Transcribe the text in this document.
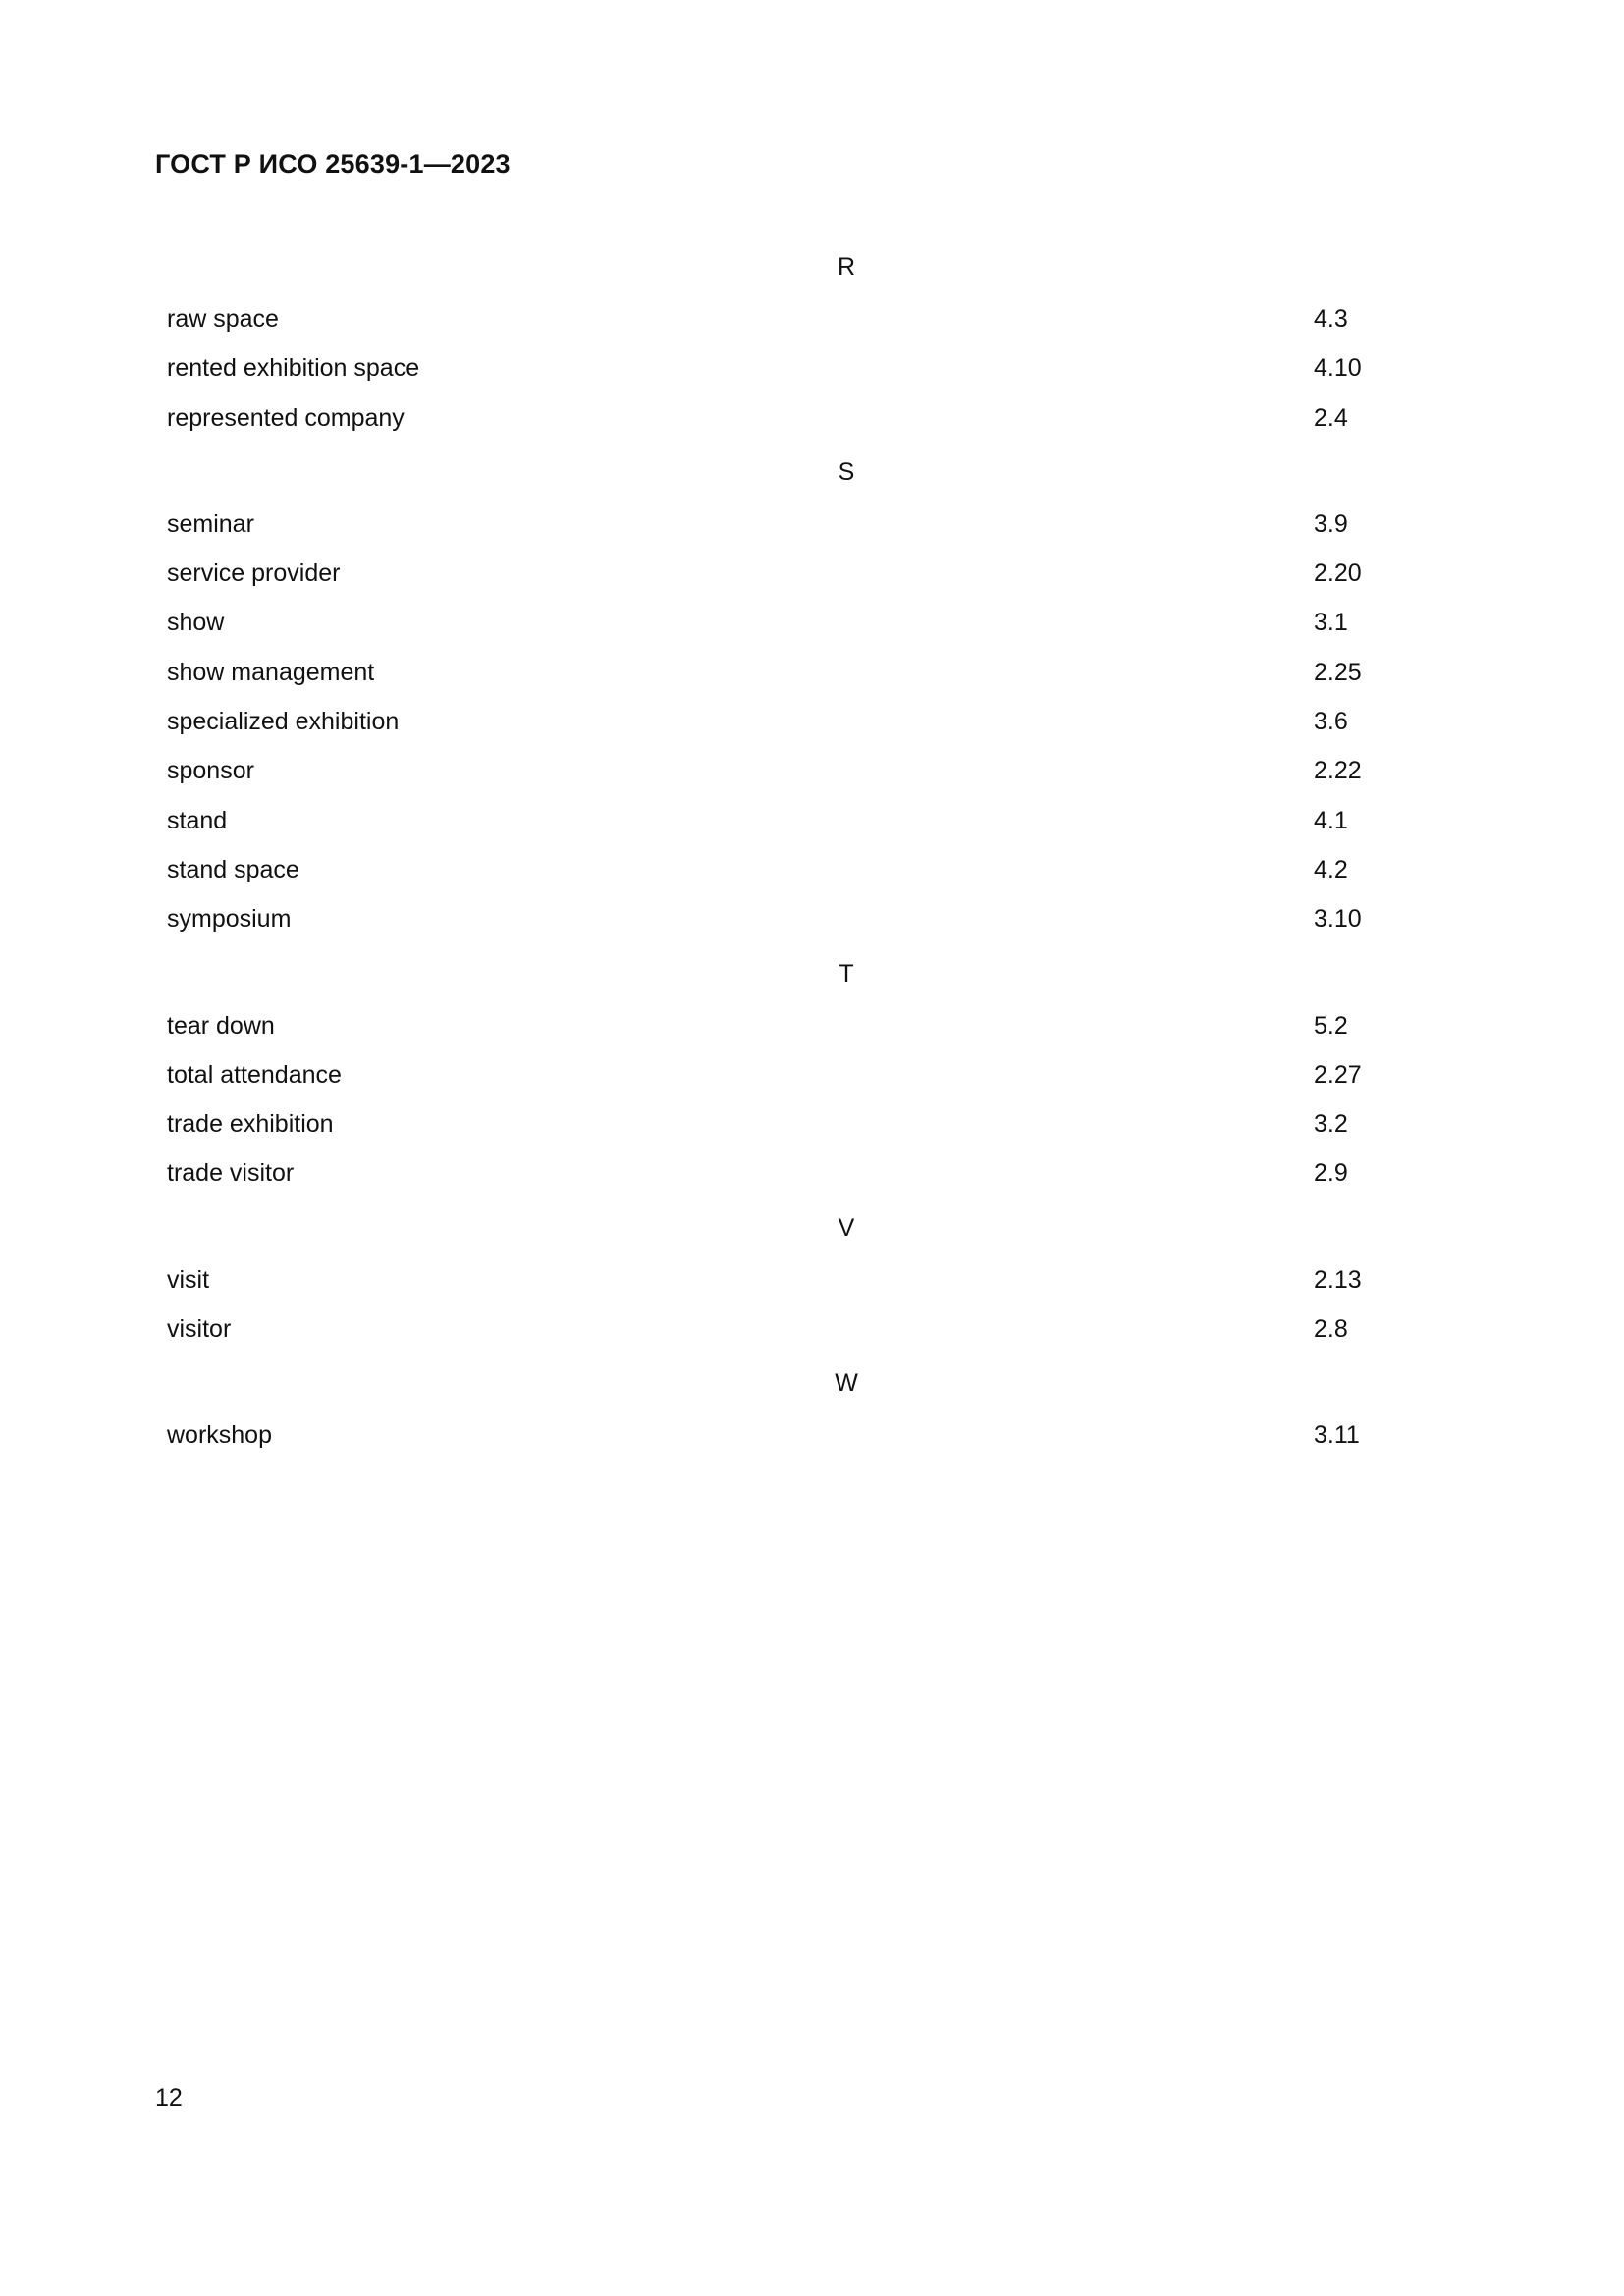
ГОСТ Р ИСО 25639-1—2023
R
raw space	4.3
rented exhibition space	4.10
represented company	2.4
S
seminar	3.9
service provider	2.20
show	3.1
show management	2.25
specialized exhibition	3.6
sponsor	2.22
stand	4.1
stand space	4.2
symposium	3.10
T
tear down	5.2
total attendance	2.27
trade exhibition	3.2
trade visitor	2.9
V
visit	2.13
visitor	2.8
W
workshop	3.11
12
